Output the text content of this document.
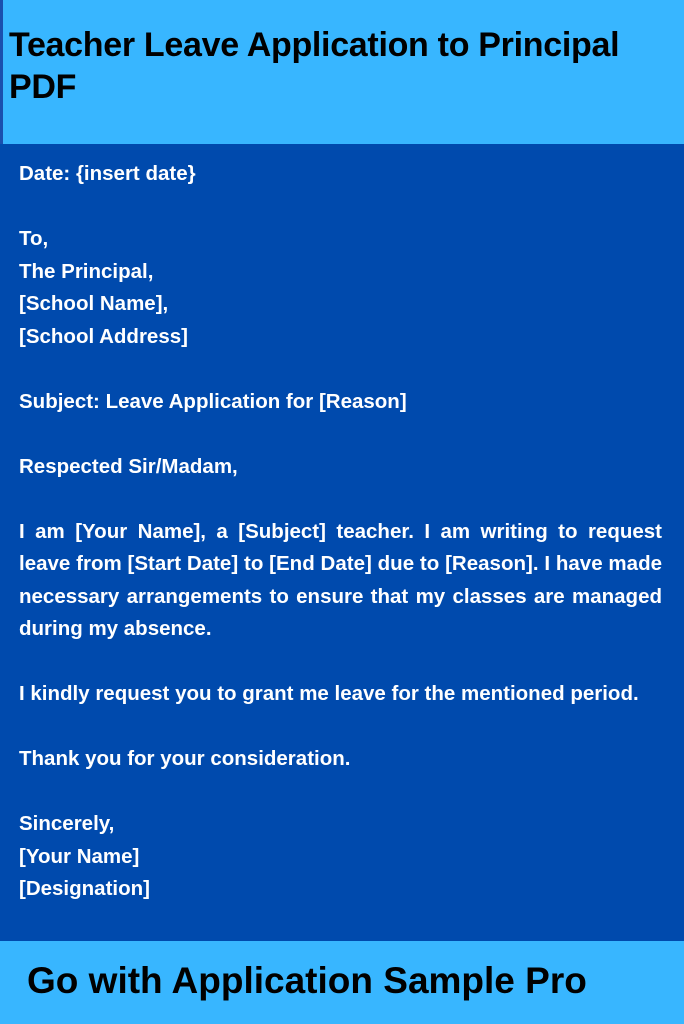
Teacher Leave Application to Principal PDF

Date: {insert date}

To,
The Principal,
[School Name],
[School Address]

Subject: Leave Application for [Reason]

Respected Sir/Madam,

I am [Your Name], a [Subject] teacher. I am writing to request leave from [Start Date] to [End Date] due to [Reason]. I have made necessary arrangements to ensure that my classes are managed during my absence.

I kindly request you to grant me leave for the mentioned period.

Thank you for your consideration.

Sincerely,
[Your Name]
[Designation]

Go with Application Sample Pro
